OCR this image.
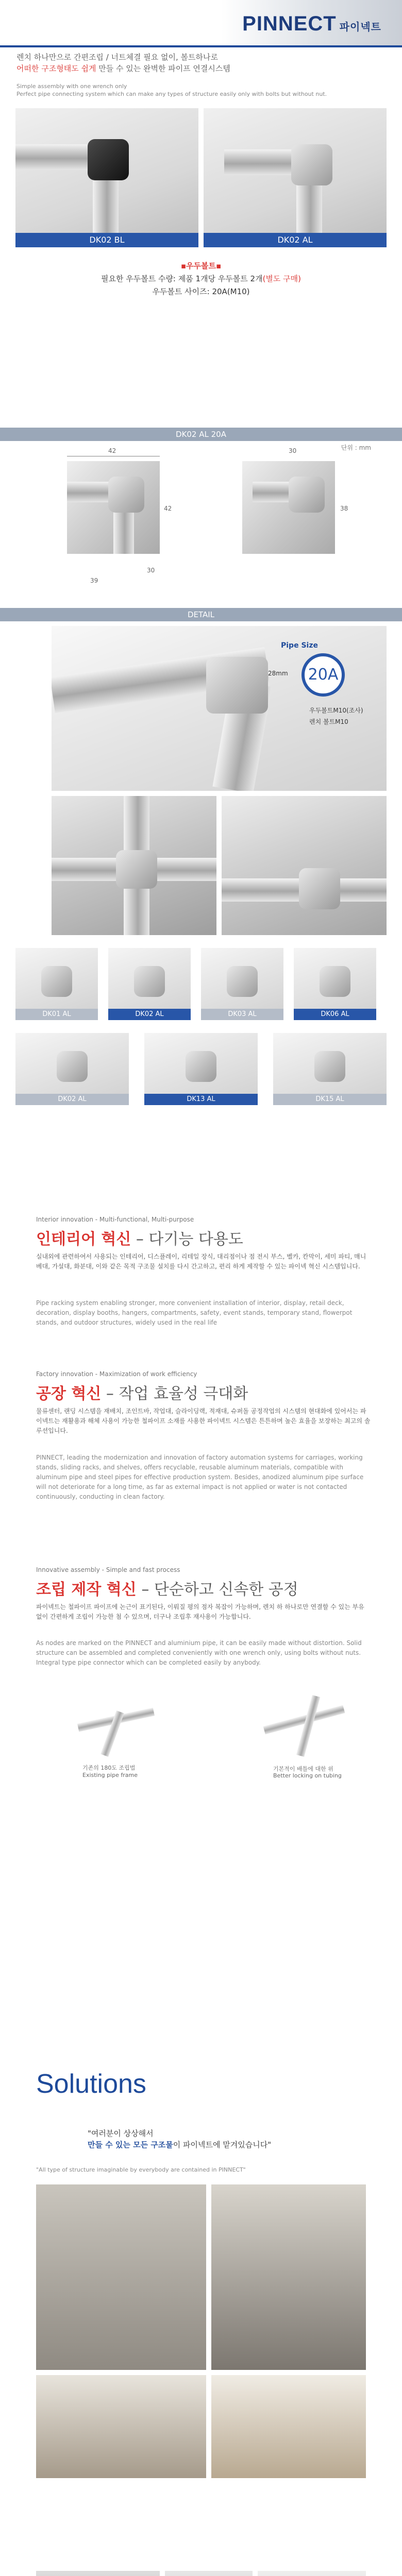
PINNECT 파이넥트
렌치 하나만으로 간편조립 / 너트체결 필요 없이, 볼트하나로
어떠한 구조형태도 쉽게 만들 수 있는 완벽한 파이프 연결시스템
Simple assembly with one wrench only
Perfect pipe connecting system which can make any types of structure easily only with bolts but without nut.
DK02 BL	DK02 AL
▪우두볼트▪
필요한 우두볼트 수량: 제품 1개당 우두볼트 2개(별도 구매)
우두볼트 사이즈: 20A(M10)
DK02 AL 20A
단위 : mm
42
42
30
39
30
38
DETAIL
Pipe Size
20A
28mm
우두볼트M10(조사)
렌치 볼트M10
DK01 AL	DK02 AL	DK03 AL	DK06 AL
DK02 AL	DK13 AL	DK15 AL
Interior innovation - Multi-functional, Multi-purpose
인테리어 혁신 – 다기능 다용도
실내외에 관련하여서 사용되는 인테리어, 디스플레이, 리테일 장식, 대리점이나 점 전시 부스, 벨카, 칸막이, 세미 파티, 매니베대, 가설대, 화분대, 이와 같은 목적 구조물 설치를 다시 간고하고, 편리 하게 제작할 수 있는 파이넥 혁신 시스템입니다.
Pipe racking system enabling stronger, more convenient installation of interior, display, retail deck, decoration, display booths, hangers, compartments, safety, event stands, temporary stand, flowerpot stands, and outdoor structures, widely used in the real life
Factory innovation - Maximization of work efficiency
공장 혁신 – 작업 효율성 극대화
물류센터, 랜딩 시스템을 재배치, 조인트바, 작업대, 슬라이딩랙, 적재대, 슈퍼돌 공정작업의 시스템의 현대화에 있어서는 파이넥트는 재활용과 해체 사용이 가능한 철파이프 소재를 사용한 파이넥트 시스템은 튼튼하며 높은 효율을 보장하는 최고의 솔루션입니다.
PINNECT, leading the modernization and innovation of factory automation systems for carriages, working stands, sliding racks, and shelves, offers recyclable, reusable aluminum materials, compatible with aluminum pipe and steel pipes for effective production system. Besides, anodized aluminum pipe surface will not deteriorate for a long time, as far as external impact is not applied or water is not contacted continuously, conducting in clean factory.
Innovative assembly - Simple and fast process
조립 제작 혁신 – 단순하고 신속한 공정
파이넥트는 철파이프 파이프에 논근이 표기된다, 이뤄질 평의 점자 복잡이 가능하며, 렌치 하 하나로만 연결할 수 있는 부유 없이 간편하게 조립이 가능한 첨 수 있으며, 더구나 조립후 재사용이 가능합니다.
As nodes are marked on the PINNECT and aluminium pipe, it can be easily made without distortion. Solid structure can be assembled and completed conveniently with one wrench only, using bolts without nuts. Integral type pipe connector which can be completed easily by anybody.
기존의 180도 조립법
Existing pipe frame
기본적이 배틀에 대한 위
Better locking on tubing
Solutions
"여러분이 상상해서
만들 수 있는 모든 구조물이 파이넥트에 맡겨있습니다"
"All type of structure imaginable by everybody are contained in PINNECT"
